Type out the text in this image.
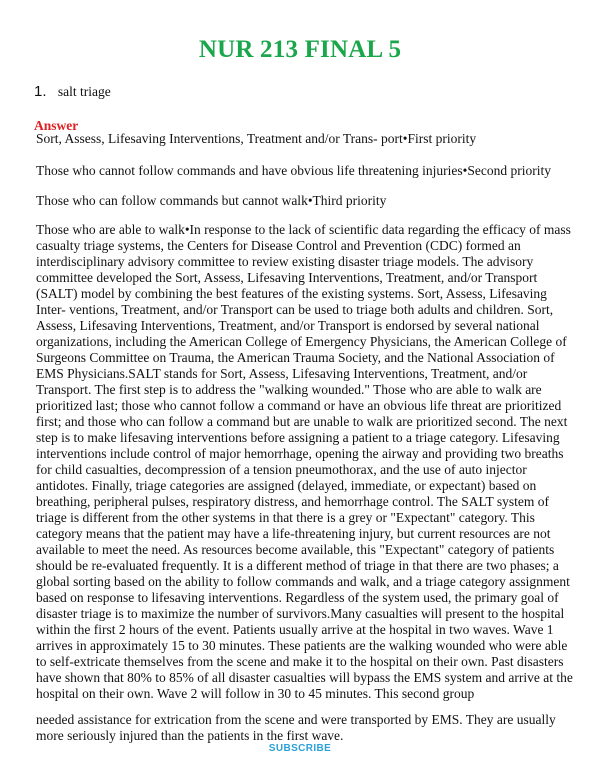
NUR 213 FINAL 5
1. salt triage
Answer
Sort, Assess, Lifesaving Interventions, Treatment and/or Trans- port•First priority
Those who cannot follow commands and have obvious life threatening injuries•Second priority
Those who can follow commands but cannot walk•Third priority
Those who are able to walk•In response to the lack of scientific data regarding the efficacy of mass casualty triage systems, the Centers for Disease Control and Prevention (CDC) formed an interdisciplinary advisory committee to review existing disaster triage models. The advisory committee developed the Sort, Assess, Lifesaving Interventions, Treatment, and/or Transport (SALT) model by combining the best features of the existing systems. Sort, Assess, Lifesaving Inter- ventions, Treatment, and/or Transport can be used to triage both adults and children. Sort, Assess, Lifesaving Interventions, Treatment, and/or Transport is endorsed by several national organizations, including the American College of Emergency Physicians, the American College of Surgeons Committee on Trauma, the American Trauma Society, and the National Association of EMS Physicians.SALT stands for Sort, Assess, Lifesaving Interventions, Treatment, and/or Transport. The first step is to address the "walking wounded." Those who are able to walk are prioritized last; those who cannot follow a command or have an obvious life threat are prioritized first; and those who can follow a command but are unable to walk are prioritized second. The next step is to make lifesaving interventions before assigning a patient to a triage category. Lifesaving interventions include control of major hemorrhage, opening the airway and providing two breaths for child casualties, decompression of a tension pneumothorax, and the use of auto injector antidotes. Finally, triage categories are assigned (delayed, immediate, or expectant) based on breathing, peripheral pulses, respiratory distress, and hemorrhage control. The SALT system of triage is different from the other systems in that there is a grey or "Expectant" category. This category means that the patient may have a life-threatening injury, but current resources are not available to meet the need. As resources become available, this "Expectant" category of patients should be re-evaluated frequently. It is a different method of triage in that there are two phases; a global sorting based on the ability to follow commands and walk, and a triage category assignment based on response to lifesaving interventions. Regardless of the system used, the primary goal of disaster triage is to maximize the number of survivors.Many casualties will present to the hospital within the first 2 hours of the event. Patients usually arrive at the hospital in two waves. Wave 1 arrives in approximately 15 to 30 minutes. These patients are the walking wounded who were able to self-extricate themselves from the scene and make it to the hospital on their own. Past disasters have shown that 80% to 85% of all disaster casualties will bypass the EMS system and arrive at the hospital on their own. Wave 2 will follow in 30 to 45 minutes. This second group
needed assistance for extrication from the scene and were transported by EMS. They are usually more seriously injured than the patients in the first wave.
SUBSCRIBE
